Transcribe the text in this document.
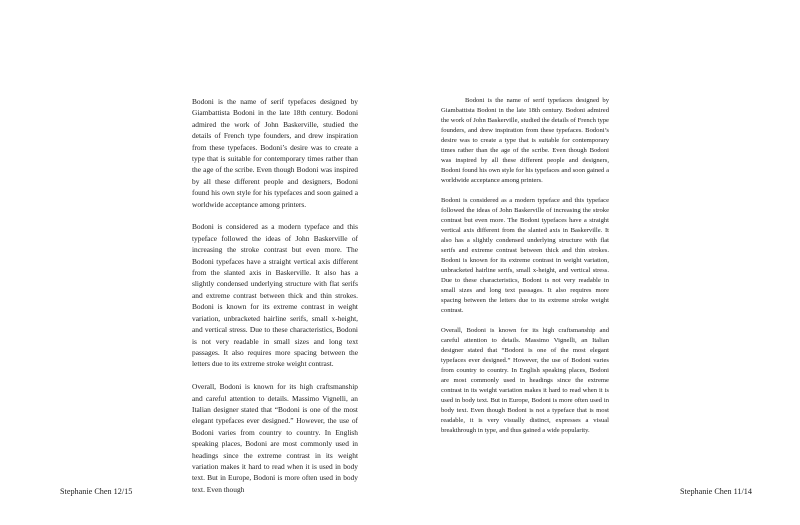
Bodoni is the name of serif typefaces designed by Giambattista Bodoni in the late 18th century. Bodoni admired the work of John Baskerville, studied the details of French type founders, and drew inspiration from these typefaces. Bodoni’s desire was to create a type that is suitable for contemporary times rather than the age of the scribe. Even though Bodoni was inspired by all these different people and designers, Bodoni found his own style for his typefaces and soon gained a worldwide acceptance among printers.

Bodoni is considered as a modern typeface and this typeface followed the ideas of John Baskerville of increasing the stroke contrast but even more. The Bodoni typefaces have a straight vertical axis different from the slanted axis in Baskerville. It also has a slightly condensed underlying structure with flat serifs and extreme contrast between thick and thin strokes. Bodoni is known for its extreme contrast in weight variation, unbracketed hairline serifs, small x-height, and vertical stress. Due to these characteristics, Bodoni is not very readable in small sizes and long text passages. It also requires more spacing between the letters due to its extreme stroke weight contrast.

Overall, Bodoni is known for its high craftsmanship and careful attention to details. Massimo Vignelli, an Italian designer stated that “Bodoni is one of the most elegant typefaces ever designed.” However, the use of Bodoni varies from country to country. In English speaking places, Bodoni are most commonly used in headings since the extreme contrast in its weight variation makes it hard to read when it is used in body text. But in Europe, Bodoni is more often used in body text. Even though

Bodoni is the name of serif typefaces designed by Giambattista Bodoni in the late 18th century. Bodoni admired the work of John Baskerville, studied the details of French type founders, and drew inspiration from these typefaces. Bodoni’s desire was to create a type that is suitable for contemporary times rather than the age of the scribe. Even though Bodoni was inspired by all these different people and designers, Bodoni found his own style for his typefaces and soon gained a worldwide acceptance among printers.

Bodoni is considered as a modern typeface and this typeface followed the ideas of John Baskerville of increasing the stroke contrast but even more. The Bodoni typefaces have a straight vertical axis different from the slanted axis in Baskerville. It also has a slightly condensed underlying structure with flat serifs and extreme contrast between thick and thin strokes. Bodoni is known for its extreme contrast in weight variation, unbracketed hairline serifs, small x-height, and vertical stress. Due to these characteristics, Bodoni is not very readable in small sizes and long text passages. It also requires more spacing between the letters due to its extreme stroke weight contrast.

Overall, Bodoni is known for its high craftsmanship and careful attention to details. Massimo Vignelli, an Italian designer stated that “Bodoni is one of the most elegant typefaces ever designed.” However, the use of Bodoni varies from country to country. In English speaking places, Bodoni are most commonly used in headings since the extreme contrast in its weight variation makes it hard to read when it is used in body text. But in Europe, Bodoni is more often used in body text. Even though Bodoni is not a typeface that is most readable, it is very visually distinct, expresses a visual breakthrough in type, and thus gained a wide popularity.

Stephanie Chen 12/15	Stephanie Chen 11/14
